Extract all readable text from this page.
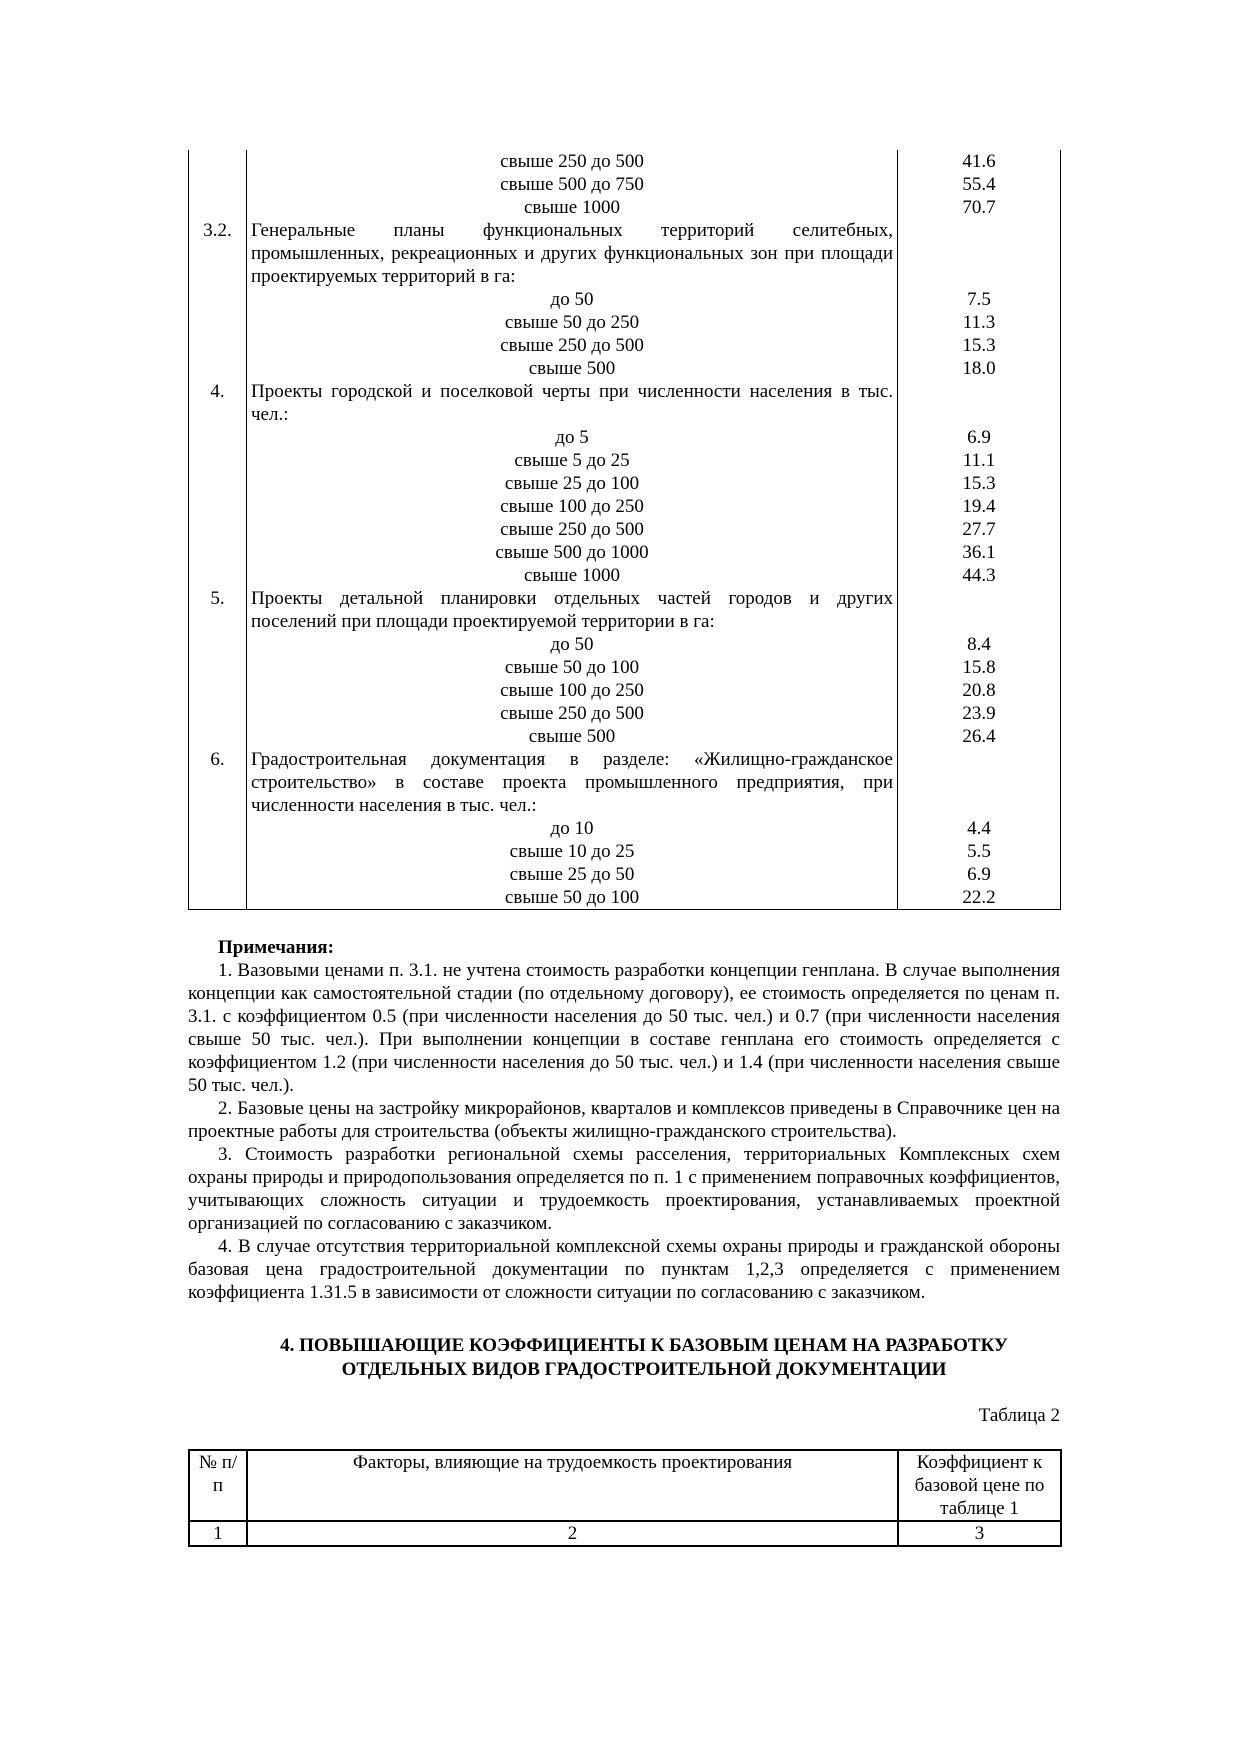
	свыше 250 до 500	41.6
	свыше 500 до 750	55.4
	свыше 1000	70.7
3.2.	Генеральные планы функциональных территорий селитебных, промышленных, рекреационных и других функциональных зон при площади проектируемых территорий в га:	
	до 50	7.5
	свыше 50 до 250	11.3
	свыше 250 до 500	15.3
	свыше 500	18.0
4.	Проекты городской и поселковой черты при численности населения в тыс. чел.:	
	до 5	6.9
	свыше 5 до 25	11.1
	свыше 25 до 100	15.3
	свыше 100 до 250	19.4
	свыше 250 до 500	27.7
	свыше 500 до 1000	36.1
	свыше 1000	44.3
5.	Проекты детальной планировки отдельных частей городов и других поселений при площади проектируемой территории в га:	
	до 50	8.4
	свыше 50 до 100	15.8
	свыше 100 до 250	20.8
	свыше 250 до 500	23.9
	свыше 500	26.4
6.	Градостроительная документация в разделе: «Жилищно-гражданское строительство» в составе проекта промышленного предприятия, при численности населения в тыс. чел.:	
	до 10	4.4
	свыше 10 до 25	5.5
	свыше 25 до 50	6.9
	свыше 50 до 100	22.2
Примечания:

1. Вазовыми ценами п. 3.1. не учтена стоимость разработки концепции генплана. В случае выполнения концепции как самостоятельной стадии (по отдельному договору), ее стоимость определяется по ценам п. 3.1. с коэффициентом 0.5 (при численности населения до 50 тыс. чел.) и 0.7 (при численности населения свыше 50 тыс. чел.). При выполнении концепции в составе генплана его стоимость определяется с коэффициентом 1.2 (при численности населения до 50 тыс. чел.) и 1.4 (при численности населения свыше 50 тыс. чел.).

2. Базовые цены на застройку микрорайонов, кварталов и комплексов приведены в Справочнике цен на проектные работы для строительства (объекты жилищно-гражданского строительства).

3. Стоимость разработки региональной схемы расселения, территориальных Комплексных схем охраны природы и природопользования определяется по п. 1 с применением поправочных коэффициентов, учитывающих сложность ситуации и трудоемкость проектирования, устанавливаемых проектной организацией по согласованию с заказчиком.

4. В случае отсутствия территориальной комплексной схемы охраны природы и гражданской обороны базовая цена градостроительной документации по пунктам 1,2,3 определяется с применением коэффициента 1.31.5 в зависимости от сложности ситуации по согласованию с заказчиком.

4. ПОВЫШАЮЩИЕ КОЭФФИЦИЕНТЫ К БАЗОВЫМ ЦЕНАМ НА РАЗРАБОТКУ
ОТДЕЛЬНЫХ ВИДОВ ГРАДОСТРОИТЕЛЬНОЙ ДОКУМЕНТАЦИИ
Таблица 2
№ п/п	Факторы, влияющие на трудоемкость проектирования	Коэффициент к базовой цене по таблице 1
1	2	3
